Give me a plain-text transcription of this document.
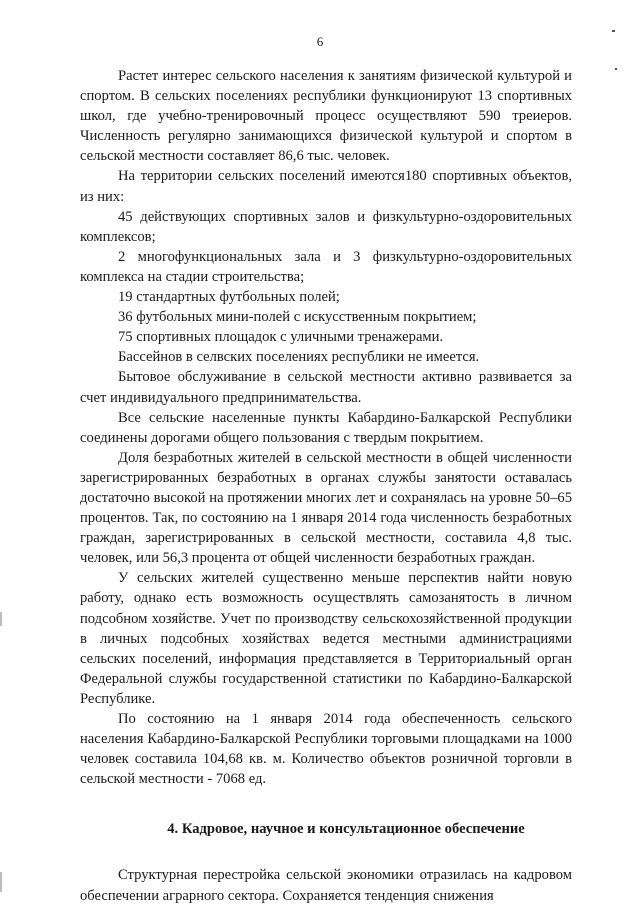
6

Растет интерес сельского населения к занятиям физической культурой и спортом. В сельских поселениях республики функционируют 13 спортивных школ, где учебно-тренировочный процесс осуществляют 590 треиеров. Численность регулярно занимающихся физической культурой и спортом в сельской местности составляет 86,6 тыс. человек.

На территории сельских поселений имеются180 спортивных объектов, из них:

45 действующих спортивных залов и физкультурно-оздоровительных комплексов;

2 многофункциональных зала и 3 физкультурно-оздоровительных комплекса на стадии строительства;

19 стандартных футбольных полей;

36 футбольных мини-полей с искусственным покрытием;

75 спортивных площадок с уличными тренажерами.

Бассейнов в селвских поселениях республики не имеется.

Бытовое обслуживание в сельской местности активно развивается за счет индивидуального предпринимательства.

Все сельские населенные пункты Кабардино-Балкарской Республики соединены дорогами общего пользования с твердым покрытием.

Доля безработных жителей в сельской местности в общей численности зарегистрированных безработных в органах службы занятости оставалась достаточно высокой на протяжении многих лет и сохранялась на уровне 50–65 процентов. Так, по состоянию на 1 января 2014 года численность безработных граждан, зарегистрированных в сельской местности, составила 4,8 тыс. человек, или 56,3 процента от общей численности безработных граждан.

У сельских жителей существенно меньше перспектив найти новую работу, однако есть возможность осуществлять самозанятость в личном подсобном хозяйстве. Учет по производству сельскохозяйственной продукции в личных подсобных хозяйствах ведется местными администрациями сельских поселений, информация представляется в Территориальный орган Федеральной службы государственной статистики по Кабардино-Балкарской Республике.

По состоянию на 1 января 2014 года обеспеченность сельского населения Кабардино-Балкарской Республики торговыми площадками на 1000 человек составила 104,68 кв. м. Количество объектов розничной торговли в сельской местности - 7068 ед.

4. Кадровое, научное и консультационное обеспечение

Структурная перестройка сельской экономики отразилась на кадровом обеспечении аграрного сектора. Сохраняется тенденция снижения
